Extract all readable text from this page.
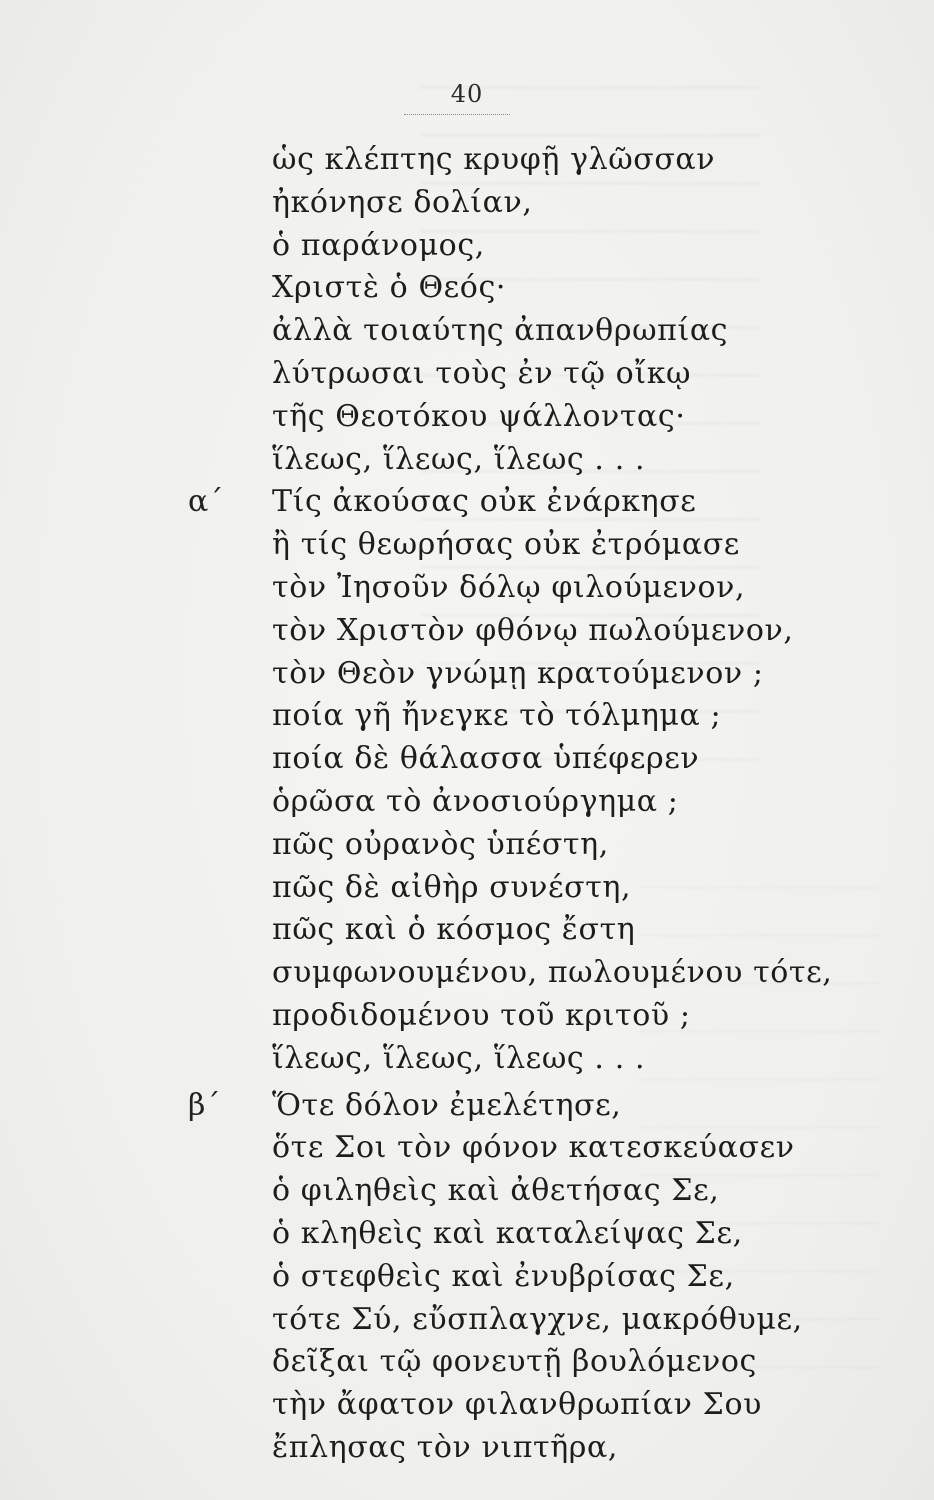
40
ὡς κλέπτης κρυφῇ γλῶσσαν
ἠκόνησε δολίαν,
ὁ παράνομος,
Χριστὲ ὁ Θεός·
ἀλλὰ τοιαύτης ἀπανθρωπίας
λύτρωσαι τοὺς ἐν τῷ οἴκῳ
τῆς Θεοτόκου ψάλλοντας·
ἵλεως, ἵλεως, ἵλεως . . .
α΄ Τίς ἀκούσας οὐκ ἐνάρκησε
ἢ τίς θεωρήσας οὐκ ἐτρόμασε
τὸν Ἰησοῦν δόλῳ φιλούμενον,
τὸν Χριστὸν φθόνῳ πωλούμενον,
τὸν Θεὸν γνώμῃ κρατούμενον ;
ποία γῆ ἤνεγκε τὸ τόλμημα ;
ποία δὲ θάλασσα ὑπέφερεν
ὁρῶσα τὸ ἀνοσιούργημα ;
πῶς οὐρανὸς ὑπέστη,
πῶς δὲ αἰθὴρ συνέστη,
πῶς καὶ ὁ κόσμος ἔστη
συμφωνουμένου, πωλουμένου τότε,
προδιδομένου τοῦ κριτοῦ ;
ἵλεως, ἵλεως, ἵλεως . . .
β΄ Ὅτε δόλον ἐμελέτησε,
ὅτε Σοι τὸν φόνον κατεσκεύασεν
ὁ φιληθεὶς καὶ ἀθετήσας Σε,
ὁ κληθεὶς καὶ καταλείψας Σε,
ὁ στεφθεὶς καὶ ἐνυβρίσας Σε,
τότε Σύ, εὔσπλαγχνε, μακρόθυμε,
δεῖξαι τῷ φονευτῇ βουλόμενος
τὴν ἄφατον φιλανθρωπίαν Σου
ἔπλησας τὸν νιπτῆρα,
